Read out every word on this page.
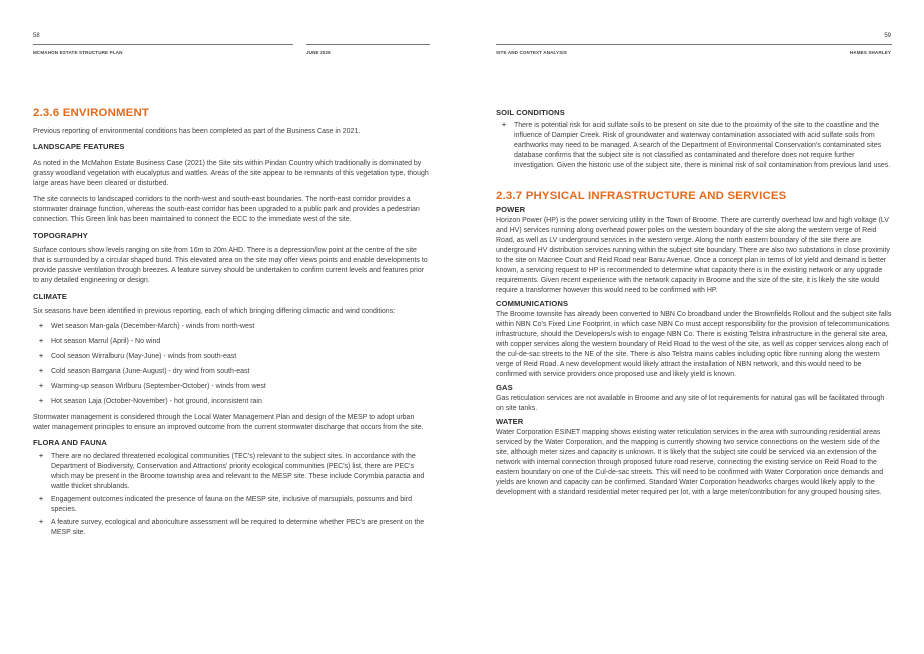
58
MCMAHON ESTATE STRUCTURE PLAN	JUNE 2025
2.3.6 ENVIRONMENT

Previous reporting of environmental conditions has been completed as part of the Business Case in 2021.

LANDSCAPE FEATURES

As noted in the McMahon Estate Business Case (2021) the Site sits within Pindan Country which traditionally is dominated by grassy woodland vegetation with eucalyptus and wattles. Areas of the site appear to be remnants of this vegetation type, though large areas have been cleared or disturbed.

The site connects to landscaped corridors to the north-west and south-east boundaries. The north-east corridor provides a stormwater drainage function, whereas the south-east corridor has been upgraded to a public park and provides a pedestrian connection. This Green link has been maintained to connect the ECC to the immediate west of the site.

TOPOGRAPHY

Surface contours show levels ranging on site from 16m to 20m AHD. There is a depression/low point at the centre of the site that is surrounded by a circular shaped bund. This elevated area on the site may offer views points and enable developments to provide passive ventilation through breezes. A feature survey should be undertaken to confirm current levels and features prior to any detailed engineering or design.

CLIMATE

Six seasons have been identified in previous reporting, each of which bringing differing climactic and wind conditions:

+ Wet season Man-gala (December-March) - winds from north-west
+ Hot season Marrul (April) - No wind
+ Cool season Wirralburu (May-June) - winds from south-east
+ Cold season Barrgana (June-August) - dry wind from south-east
+ Warming-up season Wirlburu (September-October) - winds from west
+ Hot season Laja (October-November) - hot ground, inconsistent rain

Stormwater management is considered through the Local Water Management Plan and design of the MESP to adopt urban water management principles to ensure an improved outcome from the current stormwater discharge that occurs from the site.

FLORA AND FAUNA
+ There are no declared threatened ecological communities (TEC's) relevant to the subject sites. In accordance with the Department of Biodiversity, Conservation and Attractions' priority ecological communities (PEC's) list, there are PEC's which may be present in the Broome township area and relevant to the MESP site. These include Corymbia paractia and wattle thicket shrublands.
+ Engagement outcomes indicated the presence of fauna on the MESP site, inclusive of marsupials, possums and bird species.
+ A feature survey, ecological and aboriculture assessment will be required to determine whether PEC's are present on the MESP site.
59
SITE AND CONTEXT ANALYSIS	HAMES SHARLEY
SOIL CONDITIONS
+ There is potential risk for acid sulfate soils to be present on site due to the proximity of the site to the coastline and the influence of Dampier Creek. Risk of groundwater and waterway contamination associated with acid sulfate soils from earthworks may need to be managed. A search of the Department of Environmental Conservation's contaminated sites database confirms that the subject site is not classified as contaminated and therefore does not require further investigation. Given the historic use of the subject site, there is minimal risk of soil contamination from previous land uses.
2.3.7 PHYSICAL INFRASTRUCTURE AND SERVICES
POWER

Horizon Power (HP) is the power servicing utility in the Town of Broome. There are currently overhead low and high voltage (LV and HV) services running along overhead power poles on the western boundary of the site along the western verge of Reid Road, as well as LV underground services in the western verge. Along the north eastern boundary of the site there are underground HV distribution services running within the subject site boundary. There are also two substations in close proximity to the site on Macnee Court and Reid Road near Banu Avenue. Once a concept plan in terms of lot yield and demand is better known, a servicing request to HP is recommended to determine what capacity there is in the existing network or any upgrade requirements. Given recent experience with the network capacity in Broome and the size of the site, it is likely the site would require a transformer however this would need to be confirmed with HP.

COMMUNICATIONS

The Broome townsite has already been converted to NBN Co broadband under the Brownfields Rollout and the subject site falls within NBN Co's Fixed Line Footprint, in which case NBN Co must accept responsibility for the provision of telecommunications infrastructure, should the Developers/s wish to engage NBN Co. There is existing Telstra infrastructure in the general site area, with copper services along the western boundary of Reid Road to the west of the site, as well as copper services along each of the cul-de-sac streets to the NE of the site. There is also Telstra mains cables including optic fibre running along the western verge of Reid Road. A new development would likely attract the installation of NBN network, and this would need to be confirmed with service providers once proposed use and likely yield is known.

GAS

Gas reticulation services are not available in Broome and any site of lot requirements for natural gas will be facilitated through on site tanks.

WATER

Water Corporation ESINET mapping shows existing water reticulation services in the area with surrounding residential areas serviced by the Water Corporation, and the mapping is currently showing two service connections on the western side of the site, although meter sizes and capacity is unknown. It is likely that the subject site could be serviced via an extension of the network with internal connection through proposed future road reserve, connecting the existing service on Reid Road to the eastern boundary on one of the Cul-de-sac streets. This will need to be confirmed with Water Corporation once demands and yields are known and capacity can be confirmed. Standard Water Corporation headworks charges would likely apply to the development with a standard residential meter required per lot, with a large meter/contribution for any grouped housing sites.
